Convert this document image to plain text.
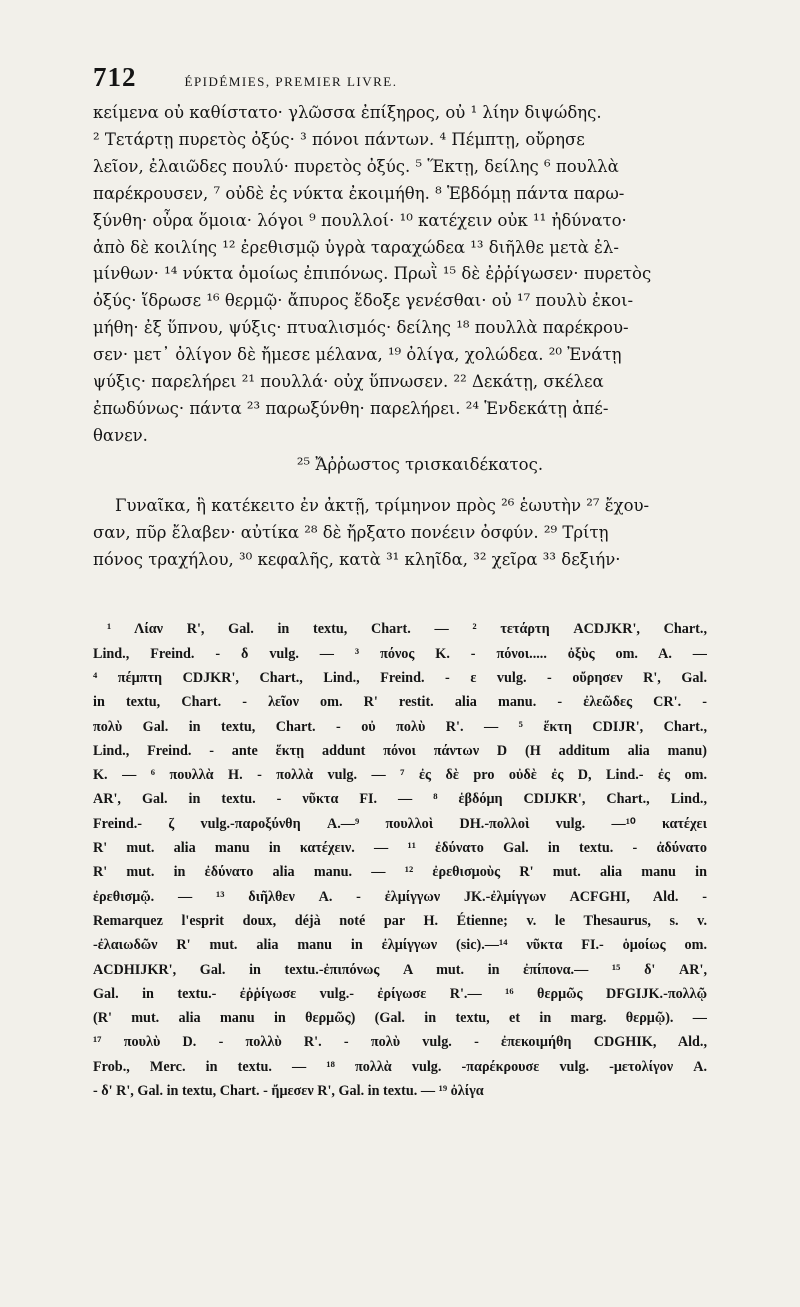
712	ÉPIDÉMIES, PREMIER LIVRE.

κείμενα οὐ καθίστατο· γλῶσσα ἐπίξηρος, οὐ ¹ λίην διψώδης.
² Τετάρτῃ πυρετὸς ὀξύς· ³ πόνοι πάντων. ⁴ Πέμπτῃ, οὔρησε
λεῖον, ἐλαιῶδες πουλύ· πυρετὸς ὀξύς. ⁵ Ἕκτῃ, δείλης ⁶ πουλλὰ
παρέκρουσεν, ⁷ οὐδὲ ἐς νύκτα ἐκοιμήθη. ⁸ Ἑβδόμῃ πάντα παρω-
ξύνθη· οὖρα ὅμοια· λόγοι ⁹ πουλλοί· ¹⁰ κατέχειν οὐκ ¹¹ ἠδύνατο·
ἀπὸ δὲ κοιλίης ¹² ἐρεθισμῷ ὑγρὰ ταραχώδεα ¹³ διῆλθε μετὰ ἐλ-
μίνθων· ¹⁴ νύκτα ὁμοίως ἐπιπόνως. Πρωῒ ¹⁵ δὲ ἐῤῥίγωσεν· πυρετὸς
ὀξύς· ἵδρωσε ¹⁶ θερμῷ· ἄπυρος ἔδοξε γενέσθαι· οὐ ¹⁷ πουλὺ ἐκοι-
μήθη· ἐξ ὕπνου, ψύξις· πτυαλισμός· δείλης ¹⁸ πουλλὰ παρέκρου-
σεν· μετ᾽ ὀλίγον δὲ ἤμεσε μέλανα, ¹⁹ ὀλίγα, χολώδεα. ²⁰ Ἐνάτῃ
ψύξις· παρελήρει ²¹ πουλλά· οὐχ ὕπνωσεν. ²² Δεκάτῃ, σκέλεα
ἐπωδύνως· πάντα ²³ παρωξύνθη· παρελήρει. ²⁴ Ἑνδεκάτῃ ἀπέ-
θανεν.

²⁵ Ἄῤῥωστος τρισκαιδέκατος.

Γυναῖκα, ἣ κατέκειτο ἐν ἀκτῇ, τρίμηνον πρὸς ²⁶ ἑωυτὴν ²⁷ ἔχου-
σαν, πῦρ ἔλαβεν· αὐτίκα ²⁸ δὲ ἤρξατο πονέειν ὀσφύν. ²⁹ Τρίτῃ
πόνος τραχήλου, ³⁰ κεφαλῆς, κατὰ ³¹ κληῖδα, ³² χεῖρα ³³ δεξιήν·

¹ Λίαν R', Gal. in textu, Chart. — ² τετάρτη ACDJKR', Chart.,
Lind., Freind. - δ vulg. — ³ πόνος K. - πόνοι..... ὀξὺς om. A. —
⁴ πέμπτη CDJKR', Chart., Lind., Freind. - ε vulg. - οὔρησεν R', Gal.
in textu, Chart. - λεῖον om. R' restit. alia manu. - ἐλεῶδες CR'. -
πολὺ Gal. in textu, Chart. - οὐ πολὺ R'. — ⁵ ἕκτη CDIJR', Chart.,
Lind., Freind. - ante ἕκτῃ addunt πόνοι πάντων D (H additum alia manu)
K. — ⁶ πουλλὰ H. - πολλὰ vulg. — ⁷ ἐς δὲ pro οὐδὲ ἐς D, Lind.- ἐς om.
AR', Gal. in textu. - νῦκτα FI. — ⁸ ἑβδόμη CDIJKR', Chart., Lind.,
Freind.- ζ vulg.-παροξύνθη A.—⁹ πουλλοὶ DH.-πολλοὶ vulg. —¹⁰ κατέχει
R' mut. alia manu in κατέχειν. — ¹¹ ἐδύνατο Gal. in textu. - ἀδύνατο
R' mut. in ἐδύνατο alia manu. — ¹² ἐρεθισμοὺς R' mut. alia manu in
ἐρεθισμῷ. — ¹³ διῆλθεν A. - ἐλμίγγων JK.-ἐλμίγγων ACFGHI, Ald. -
Remarquez l'esprit doux, déjà noté par H. Étienne; v. le Thesaurus, s. v.
-ἐλαιωδῶν R' mut. alia manu in ἐλμίγγων (sic).—¹⁴ νῦκτα FI.- ὁμοίως om.
ACDHIJKR', Gal. in textu.-ἐπιπόνως A mut. in ἐπίπονα.— ¹⁵ δ' AR',
Gal. in textu.- ἐῤῥίγωσε vulg.- ἐρίγωσε R'.— ¹⁶ θερμῶς DFGIJK.-πολλῷ
(R' mut. alia manu in θερμῶς) (Gal. in textu, et in marg. θερμῷ). —
¹⁷ πουλὺ D. - πολλὺ R'. - πολὺ vulg. - ἐπεκοιμήθη CDGHIK, Ald.,
Frob., Merc. in textu. — ¹⁸ πολλὰ vulg. -παρέκρουσε vulg. -μετολίγον A.
- δ' R', Gal. in textu, Chart. - ἤμεσεν R', Gal. in textu. — ¹⁹ ὀλίγα
